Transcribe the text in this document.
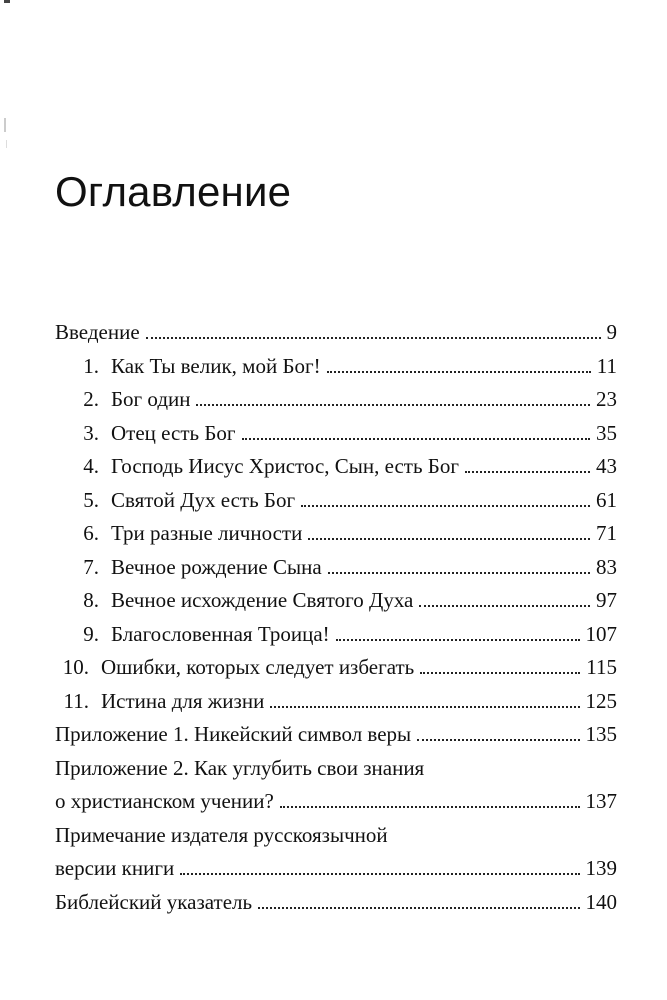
Оглавление
Введение	9
1. Как Ты велик, мой Бог!	11
2. Бог один	23
3. Отец есть Бог	35
4. Господь Иисус Христос, Сын, есть Бог	43
5. Святой Дух есть Бог	61
6. Три разные личности	71
7. Вечное рождение Сына	83
8. Вечное исхождение Святого Духа	97
9. Благословенная Троица!	107
10. Ошибки, которых следует избегать	115
11. Истина для жизни	125
Приложение 1. Никейский символ веры	135
Приложение 2. Как углубить свои знания
о христианском учении?	137
Примечание издателя русскоязычной
версии книги	139
Библейский указатель	140
